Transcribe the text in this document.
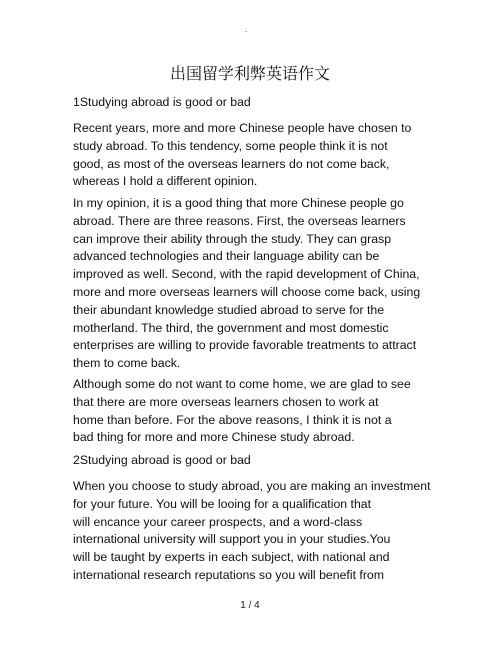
.
出国留学利弊英语作文
1Studying abroad is good or bad
Recent years, more and more Chinese people have chosen to
study abroad. To this tendency, some people think it is not
good, as most of the overseas learners do not come back,
whereas I hold a different opinion.
In my opinion, it is a good thing that more Chinese people go
abroad. There are three reasons. First, the overseas learners
can improve their ability through the study. They can grasp
advanced technologies and their language ability can be
improved as well. Second, with the rapid development of China,
more and more overseas learners will choose come back, using
their abundant knowledge studied abroad to serve for the
motherland. The third, the government and most domestic
enterprises are willing to provide favorable treatments to attract
them to come back.
Although some do not want to come home, we are glad to see
that there are more overseas learners chosen to work at
home than before. For the above reasons, I think it is not a
bad thing for more and more Chinese study abroad.
2Studying abroad is good or bad
When you choose to study abroad, you are making an investment
for your future. You will be looing for a qualification that
will encance your career prospects, and a word-class
international university will support you in your studies.You
will be taught by experts in each subject, with national and
international research reputations so you will benefit from
1 / 4
